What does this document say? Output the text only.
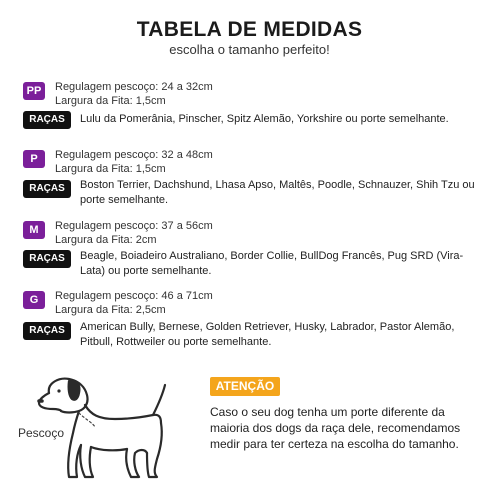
TABELA DE MEDIDAS
escolha o tamanho perfeito!
PP	Regulagem pescoço: 24 a 32cm
Largura da Fita: 1,5cm
RAÇAS	Lulu da Pomerânia, Pinscher, Spitz Alemão, Yorkshire ou porte semelhante.
P	Regulagem pescoço: 32 a 48cm
Largura da Fita: 1,5cm
RAÇAS	Boston Terrier, Dachshund, Lhasa Apso, Maltês, Poodle, Schnauzer, Shih Tzu ou porte semelhante.
M	Regulagem pescoço: 37 a 56cm
Largura da Fita: 2cm
RAÇAS	Beagle, Boiadeiro Australiano, Border Collie, BullDog Francês, Pug SRD (Vira-Lata) ou porte semelhante.
G	Regulagem pescoço: 46 a 71cm
Largura da Fita: 2,5cm
RAÇAS	American Bully, Bernese, Golden Retriever, Husky, Labrador, Pastor Alemão, Pitbull, Rottweiler ou porte semelhante.
Pescoço
ATENÇÃO
Caso o seu dog tenha um porte diferente da maioria dos dogs da raça dele, recomendamos medir para ter certeza na escolha do tamanho.
